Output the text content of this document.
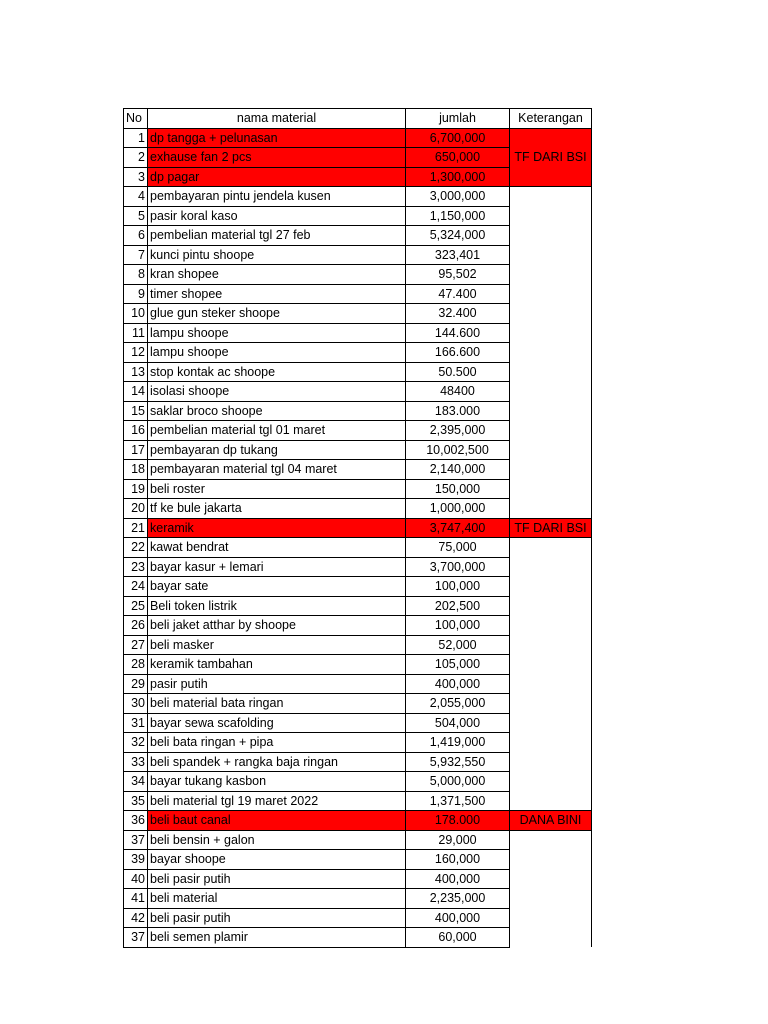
No	nama material	jumlah	Keterangan
1	dp tangga + pelunasan	6,700,000	TF DARI BSI
2	exhause fan 2 pcs	650,000	
3	dp pagar	1,300,000	
4	pembayaran pintu jendela kusen	3,000,000	
5	pasir koral kaso	1,150,000	
6	pembelian material tgl 27 feb	5,324,000	
7	kunci pintu shoope	323,401	
8	kran shopee	95,502	
9	timer shopee	47.400	
10	glue gun steker shoope	32.400	
11	lampu shoope	144.600	
12	lampu shoope	166.600	
13	stop kontak ac shoope	50.500	
14	isolasi shoope	48400	
15	saklar broco shoope	183.000	
16	pembelian material tgl 01 maret	2,395,000	
17	pembayaran dp tukang	10,002,500	
18	pembayaran material tgl 04 maret	2,140,000	
19	beli roster	150,000	
20	tf ke bule jakarta	1,000,000	
21	keramik	3,747,400	TF DARI BSI
22	kawat bendrat	75,000	
23	bayar kasur + lemari	3,700,000	
24	bayar sate	100,000	
25	Beli token listrik	202,500	
26	beli jaket atthar by shoope	100,000	
27	beli masker	52,000	
28	keramik tambahan	105,000	
29	pasir putih	400,000	
30	beli material bata ringan	2,055,000	
31	bayar sewa scafolding	504,000	
32	beli bata ringan + pipa	1,419,000	
33	beli spandek + rangka baja ringan	5,932,550	
34	bayar tukang kasbon	5,000,000	
35	beli material tgl 19 maret 2022	1,371,500	
36	beli baut canal	178.000	DANA BINI
37	beli bensin + galon	29,000	
39	bayar shoope	160,000	
40	beli pasir putih	400,000	
41	beli material	2,235,000	
42	beli pasir putih	400,000	
37	beli semen plamir	60,000	
